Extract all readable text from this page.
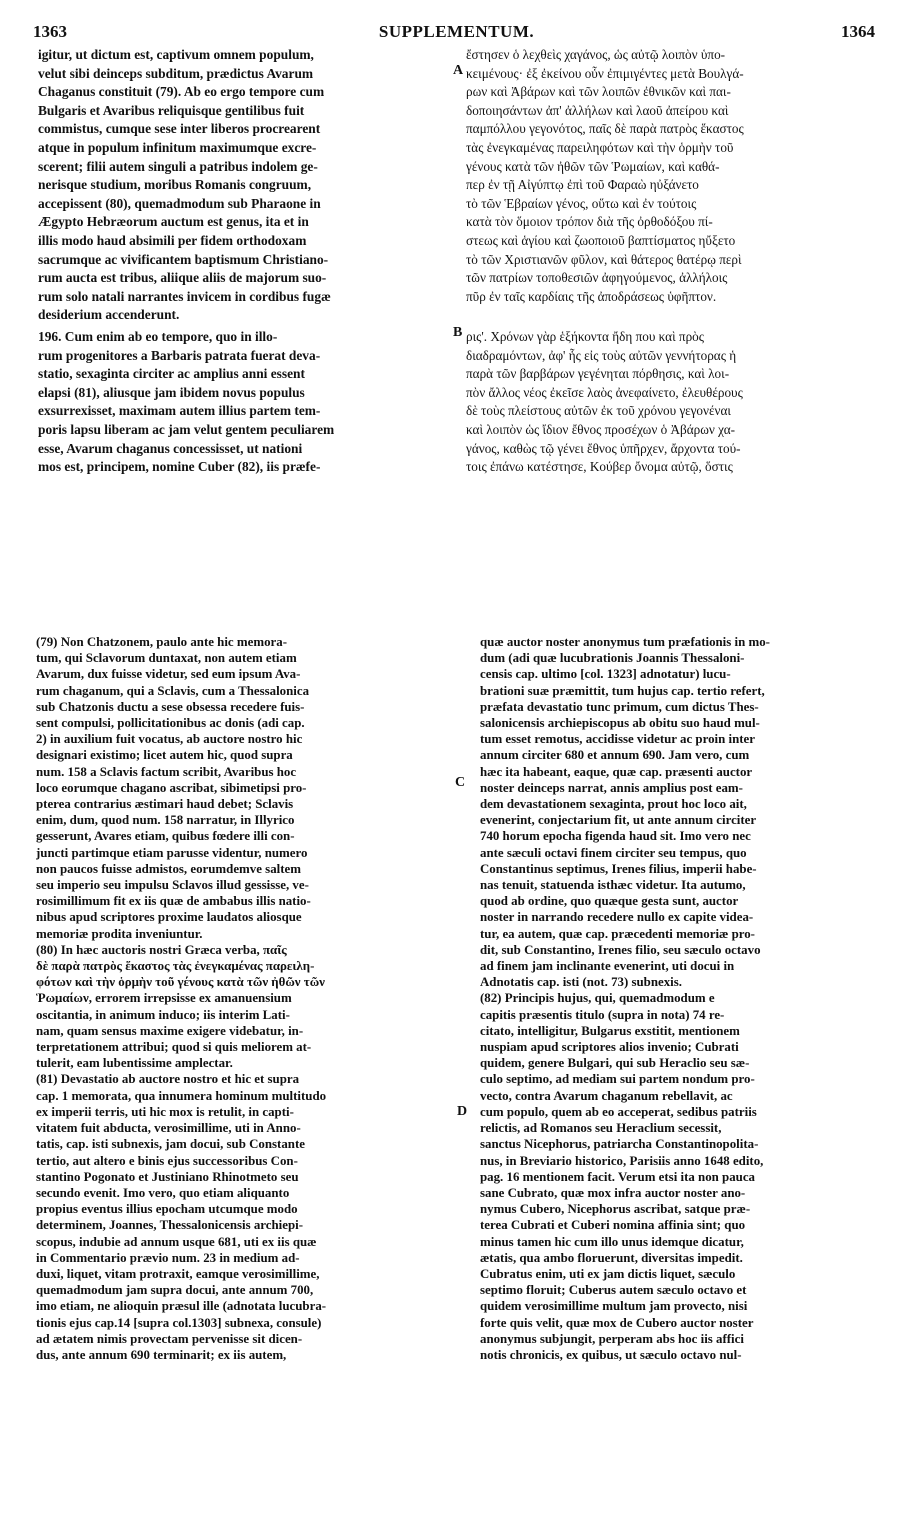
1363	SUPPLEMENTUM.	1364

igitur, ut dictum est, captivum omnem populum,

velut sibi deinceps subditum, prædictus Avarum

Chaganus constituit (79). Ab eo ergo tempore cum

Bulgaris et Avaribus reliquisque gentilibus fuit

commistus, cumque sese inter liberos procrearent

atque in populum infinitum maximumque excre-

scerent; filii autem singuli a patribus indolem ge-

nerisque studium, moribus Romanis congruum,

accepissent (80), quemadmodum sub Pharaone in

Ægypto Hebræorum auctum est genus, ita et in

illis modo haud absimili per fidem orthodoxam

sacrumque ac vivificantem baptismum Christiano-

rum aucta est tribus, aliique aliis de majorum suo-

rum solo natali narrantes invicem in cordibus fugæ

desiderium accenderunt.

ἔστησεν ὁ λεχθεὶς χαγάνος, ὡς αὐτῷ λοιπὸν ὑπο-

κειμένους· ἐξ ἐκείνου οὖν ἐπιμιγέντες μετὰ Βουλγά-

ρων καὶ Ἀβάρων καὶ τῶν λοιπῶν ἐθνικῶν καὶ παι-

δοποιησάντων ἀπ' ἀλλήλων καὶ λαοῦ ἀπείρου καὶ

παμπόλλου γεγονότος, παῖς δὲ παρὰ πατρὸς ἕκαστος

τὰς ἐνεγκαμένας παρειληφότων καὶ τὴν ὁρμὴν τοῦ

γένους κατὰ τῶν ἠθῶν τῶν Ῥωμαίων, καὶ καθά-

περ ἐν τῇ Αἰγύπτῳ ἐπὶ τοῦ Φαραὼ ηὐξάνετο

τὸ τῶν Ἑβραίων γένος, οὕτω καὶ ἐν τούτοις

κατὰ τὸν ὅμοιον τρόπον διὰ τῆς ὀρθοδόξου πί-

στεως καὶ ἁγίου καὶ ζωοποιοῦ βαπτίσματος ηὔξετο

τὸ τῶν Χριστιανῶν φῦλον, καὶ θάτερος θατέρῳ περὶ

τῶν πατρίων τοποθεσιῶν ἀφηγούμενος, ἀλλήλοις

πῦρ ἐν ταῖς καρδίαις τῆς ἀποδράσεως ὑφῆπτον.

196. Cum enim ab eo tempore, quo in illo-

rum progenitores a Barbaris patrata fuerat deva-

statio, sexaginta circiter ac amplius anni essent

elapsi (81), aliusque jam ibidem novus populus

exsurrexisset, maximam autem illius partem tem-

poris lapsu liberam ac jam velut gentem peculiarem

esse, Avarum chaganus concessisset, ut nationi

mos est, principem, nomine Cuber (82), iis præfe-

ρις'. Χρόνων γὰρ ἑξήκοντα ἤδη που καὶ πρὸς

διαδραμόντων, ἀφ' ἧς εἰς τοὺς αὐτῶν γεννήτορας ἡ

παρὰ τῶν βαρβάρων γεγένηται πόρθησις, καὶ λοι-

πὸν ἄλλος νέος ἐκεῖσε λαὸς ἀνεφαίνετο, ἐλευθέρους

δὲ τοὺς πλείστους αὐτῶν ἐκ τοῦ χρόνου γεγονέναι

καὶ λοιπὸν ὡς ἴδιον ἔθνος προσέχων ὁ Ἀβάρων χα-

γάνος, καθὼς τῷ γένει ἔθνος ὑπῆρχεν, ἄρχοντα τού-

τοις ἐπάνω κατέστησε, Κούβερ ὄνομα αὐτῷ, ὅστις

(79) Non Chatzonem, paulo ante hic memora-

tum, qui Sclavorum duntaxat, non autem etiam

Avarum, dux fuisse videtur, sed eum ipsum Ava-

rum chaganum, qui a Sclavis, cum a Thessalonica

sub Chatzonis ductu a sese obsessa recedere fuis-

sent compulsi, pollicitationibus ac donis (adi cap.

2) in auxilium fuit vocatus, ab auctore nostro hic

designari existimo; licet autem hic, quod supra

num. 158 a Sclavis factum scribit, Avaribus hoc

loco eorumque chagano ascribat, sibimetipsi pro-

pterea contrarius æstimari haud debet; Sclavis

enim, dum, quod num. 158 narratur, in Illyrico

gesserunt, Avares etiam, quibus fœdere illi con-

juncti partimque etiam parusse videntur, numero

non paucos fuisse admistos, eorumdemve saltem

seu imperio seu impulsu Sclavos illud gessisse, ve-

rosimillimum fit ex iis quæ de ambabus illis natio-

nibus apud scriptores proxime laudatos aliosque

memoriæ prodita inveniuntur.

(80) In hæc auctoris nostri Græca verba, παῖς

δὲ παρὰ πατρὸς ἕκαστος τὰς ἐνεγκαμένας παρειλη-

φότων καὶ τὴν ὁρμὴν τοῦ γένους κατὰ τῶν ἠθῶν τῶν

Ῥωμαίων, errorem irrepsisse ex amanuensium

oscitantia, in animum induco; iis interim Lati-

nam, quam sensus maxime exigere videbatur, in-

terpretationem attribui; quod si quis meliorem at-

tulerit, eam lubentissime amplectar.

(81) Devastatio ab auctore nostro et hic et supra

cap. 1 memorata, qua innumera hominum multitudo

ex imperii terris, uti hic mox is retulit, in capti-

vitatem fuit abducta, verosimillime, uti in Anno-

tatis, cap. isti subnexis, jam docui, sub Constante

tertio, aut altero e binis ejus successoribus Con-

stantino Pogonato et Justiniano Rhinotmeto seu

secundo evenit. Imo vero, quo etiam aliquanto

propius eventus illius epocham utcumque modo

determinem, Joannes, Thessalonicensis archiepi-

scopus, indubie ad annum usque 681, uti ex iis quæ

in Commentario prævio num. 23 in medium ad-

duxi, liquet, vitam protraxit, eamque verosimillime,

quemadmodum jam supra docui, ante annum 700,

imo etiam, ne alioquin præsul ille (adnotata lucubra-

tionis ejus cap.14 [supra col.1303] subnexa, consule)

ad ætatem nimis provectam pervenisse sit dicen-

dus, ante annum 690 terminarit; ex iis autem,

quæ auctor noster anonymus tum præfationis in mo-

dum (adi quæ lucubrationis Joannis Thessaloni-

censis cap. ultimo [col. 1323] adnotatur) lucu-

brationi suæ præmittit, tum hujus cap. tertio refert,

præfata devastatio tunc primum, cum dictus Thes-

salonicensis archiepiscopus ab obitu suo haud mul-

tum esset remotus, accidisse videtur ac proin inter

annum circiter 680 et annum 690. Jam vero, cum

hæc ita habeant, eaque, quæ cap. præsenti auctor

noster deinceps narrat, annis amplius post eam-

dem devastationem sexaginta, prout hoc loco ait,

evenerint, conjectarium fit, ut ante annum circiter

740 horum epocha figenda haud sit. Imo vero nec

ante sæculi octavi finem circiter seu tempus, quo

Constantinus septimus, Irenes filius, imperii habe-

nas tenuit, statuenda isthæc videtur. Ita autumo,

quod ab ordine, quo quæque gesta sunt, auctor

noster in narrando recedere nullo ex capite videa-

tur, ea autem, quæ cap. præcedenti memoriæ pro-

dit, sub Constantino, Irenes filio, seu sæculo octavo

ad finem jam inclinante evenerint, uti docui in

Adnotatis cap. isti (not. 73) subnexis.

(82) Principis hujus, qui, quemadmodum e

capitis præsentis titulo (supra in nota) 74 re-

citato, intelligitur, Bulgarus exstitit, mentionem

nuspiam apud scriptores alios invenio; Cubrati

quidem, genere Bulgari, qui sub Heraclio seu sæ-

culo septimo, ad mediam sui partem nondum pro-

vecto, contra Avarum chaganum rebellavit, ac

cum populo, quem ab eo acceperat, sedibus patriis

relictis, ad Romanos seu Heraclium secessit,

sanctus Nicephorus, patriarcha Constantinopolita-

nus, in Breviario historico, Parisiis anno 1648 edito,

pag. 16 mentionem facit. Verum etsi ita non pauca

sane Cubrato, quæ mox infra auctor noster ano-

nymus Cubero, Nicephorus ascribat, satque præ-

terea Cubrati et Cuberi nomina affinia sint; quo

minus tamen hic cum illo unus idemque dicatur,

ætatis, qua ambo floruerunt, diversitas impedit.

Cubratus enim, uti ex jam dictis liquet, sæculo

septimo floruit; Cuberus autem sæculo octavo et

quidem verosimillime multum jam provecto, nisi

forte quis velit, quæ mox de Cubero auctor noster

anonymus subjungit, perperam abs hoc iis affici

notis chronicis, ex quibus, ut sæculo octavo nul-

A
B
C
D
